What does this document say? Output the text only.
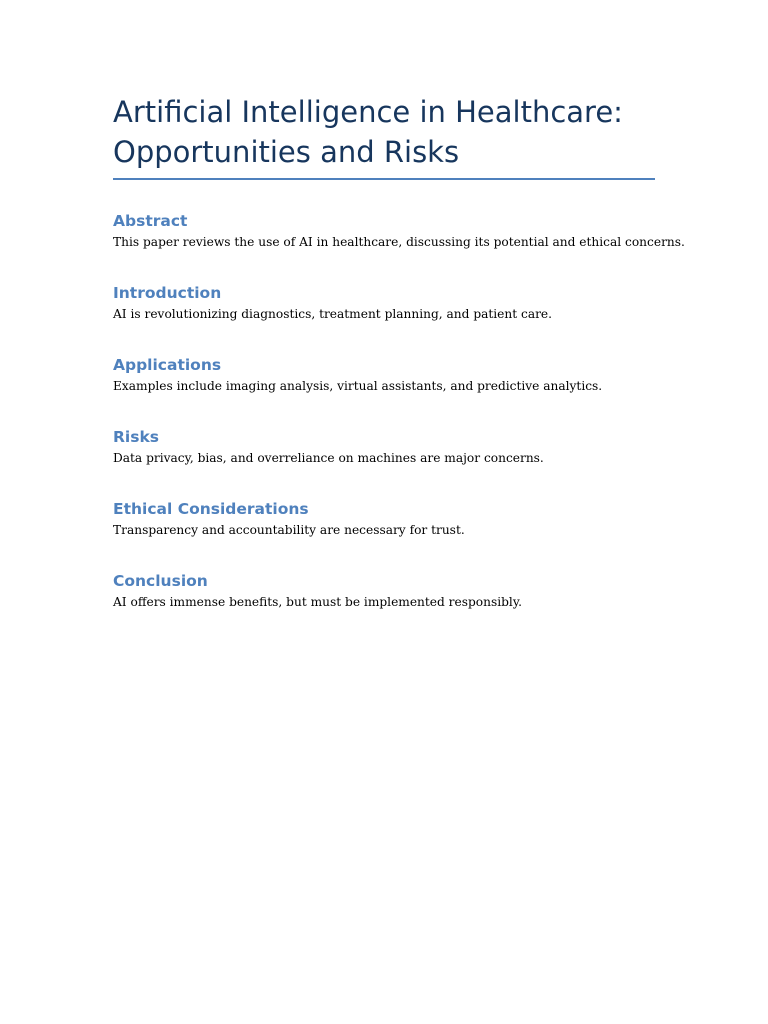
Artificial Intelligence in Healthcare:
Opportunities and Risks
Abstract

This paper reviews the use of AI in healthcare, discussing its potential and ethical concerns.

Introduction

AI is revolutionizing diagnostics, treatment planning, and patient care.

Applications

Examples include imaging analysis, virtual assistants, and predictive analytics.

Risks

Data privacy, bias, and overreliance on machines are major concerns.

Ethical Considerations

Transparency and accountability are necessary for trust.

Conclusion

AI offers immense benefits, but must be implemented responsibly.
